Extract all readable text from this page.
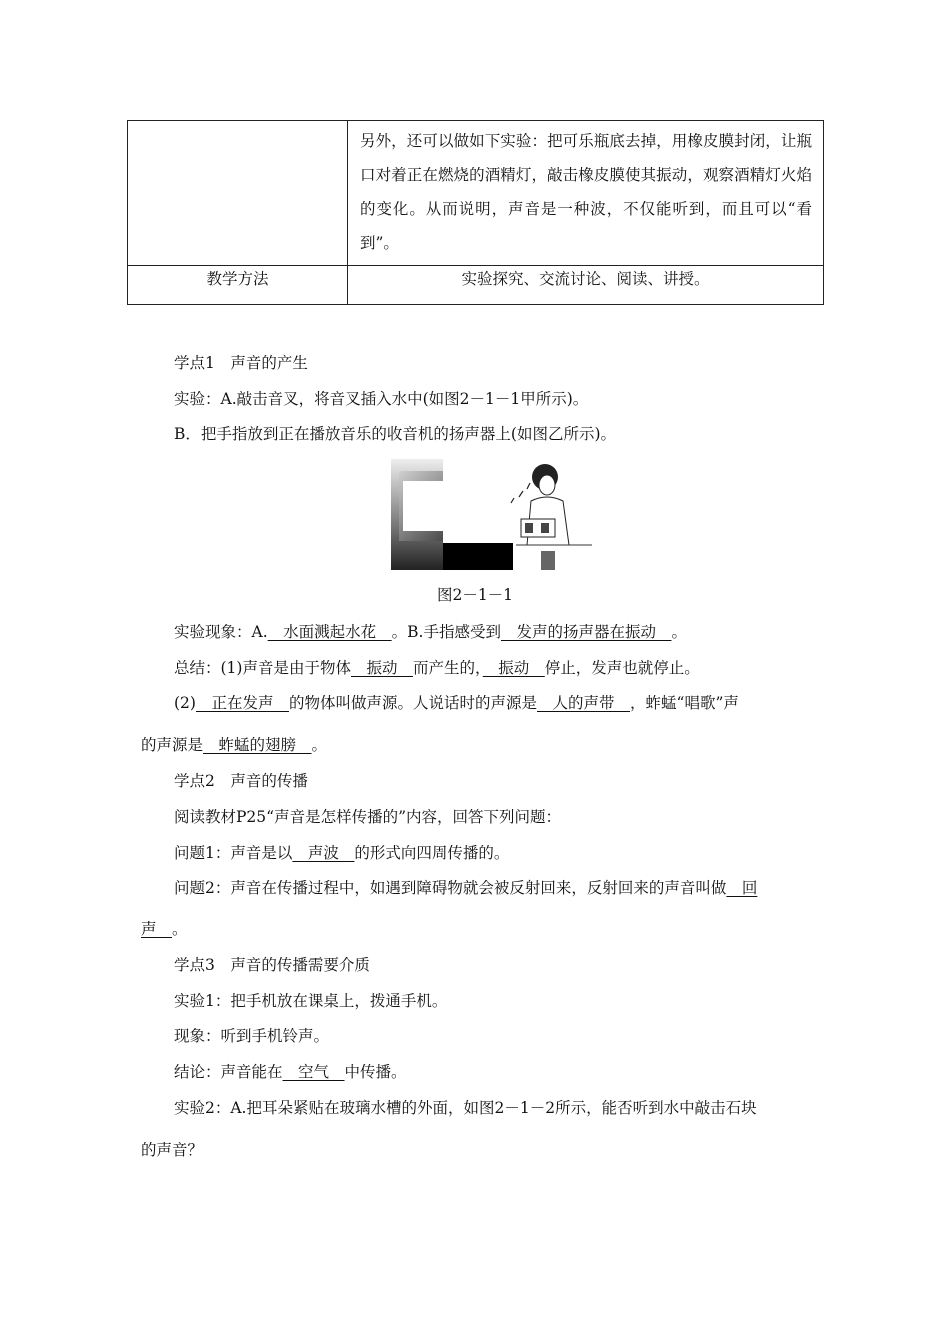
	另外，还可以做如下实验：把可乐瓶底去掉，用橡皮膜封闭，让瓶口对着正在燃烧的酒精灯，敲击橡皮膜使其振动，观察酒精灯火焰的变化。从而说明，声音是一种波，不仅能听到，而且可以“看到”。

教学方法	实验探究、交流讨论、阅读、讲授。
学点1　声音的产生
实验：A.敲击音叉，将音叉插入水中(如图2－1－1甲所示)。
B．把手指放到正在播放音乐的收音机的扬声器上(如图乙所示)。
图2－1－1
实验现象：A.　水面溅起水花　。B.手指感受到　发声的扬声器在振动　。
总结：(1)声音是由于物体　振动　而产生的，　振动　停止，发声也就停止。
(2)　正在发声　的物体叫做声源。人说话时的声源是　人的声带　，蚱蜢“唱歌”声
的声源是　蚱蜢的翅膀　。
学点2　声音的传播
阅读教材P25“声音是怎样传播的”内容，回答下列问题：
问题1：声音是以　声波　的形式向四周传播的。
问题2：声音在传播过程中，如遇到障碍物就会被反射回来，反射回来的声音叫做　回
声　。
学点3　声音的传播需要介质
实验1：把手机放在课桌上，拨通手机。
现象：听到手机铃声。
结论：声音能在　空气　中传播。
实验2：A.把耳朵紧贴在玻璃水槽的外面，如图2－1－2所示，能否听到水中敲击石块
的声音？
